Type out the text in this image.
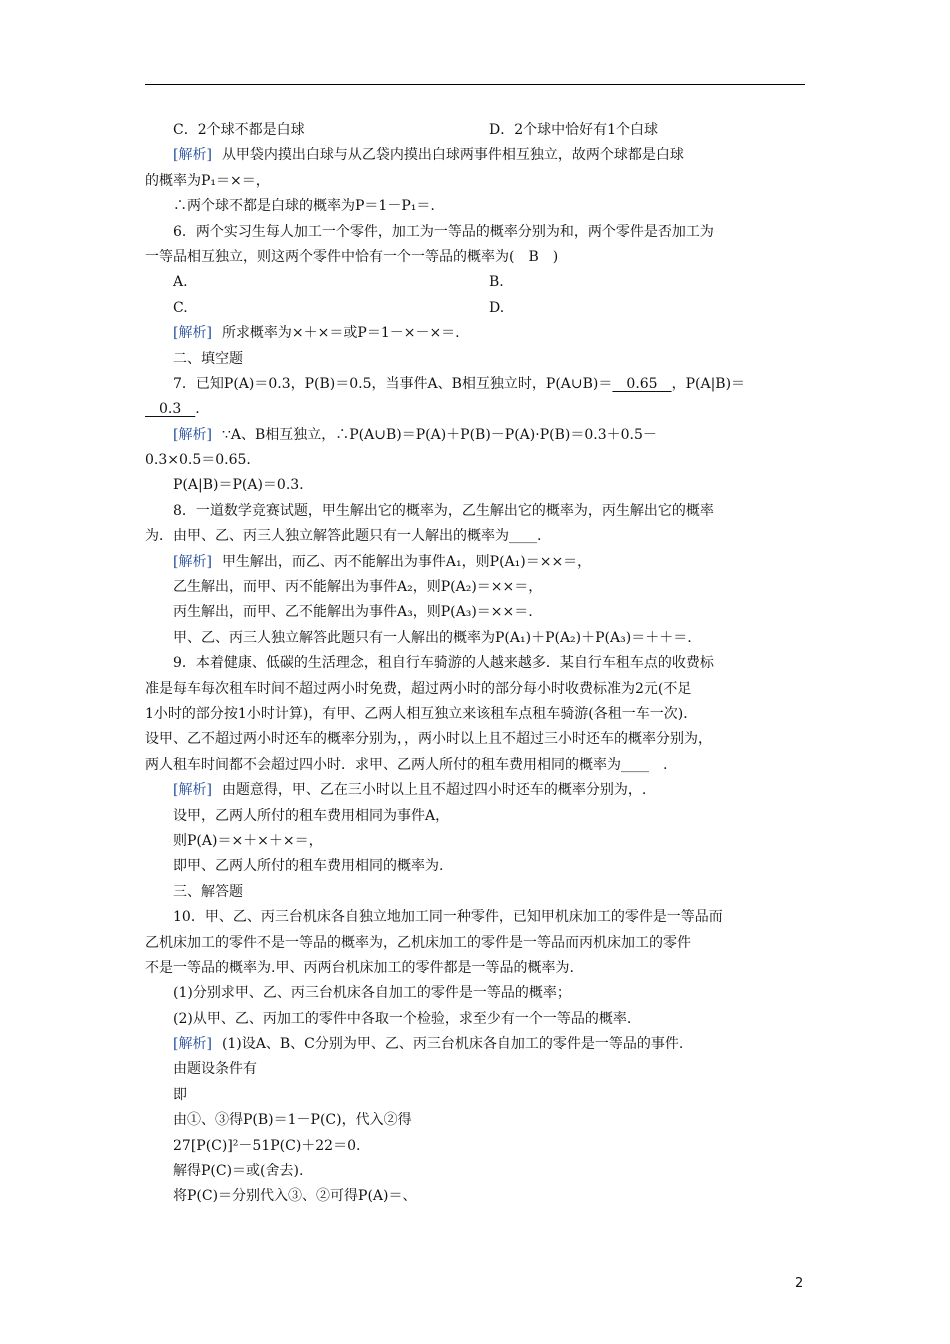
C．2个球不都是白球	D．2个球中恰好有1个白球
[解析] 从甲袋内摸出白球与从乙袋内摸出白球两事件相互独立，故两个球都是白球
的概率为P₁＝×＝，
∴两个球不都是白球的概率为P＝1－P₁＝.
6．两个实习生每人加工一个零件，加工为一等品的概率分别为和，两个零件是否加工为
一等品相互独立，则这两个零件中恰有一个一等品的概率为(　B　)
A.	B.
C.	D.
[解析] 所求概率为×＋×＝或P＝1－×－×＝.
二、填空题
7．已知P(A)＝0.3，P(B)＝0.5，当事件A、B相互独立时，P(A∪B)＝　0.65　，P(A|B)＝
　0.3　.
[解析] ∵A、B相互独立，∴P(A∪B)＝P(A)＋P(B)－P(A)·P(B)＝0.3＋0.5－
0.3×0.5＝0.65.
P(A|B)＝P(A)＝0.3.
8．一道数学竞赛试题，甲生解出它的概率为，乙生解出它的概率为，丙生解出它的概率
为．由甲、乙、丙三人独立解答此题只有一人解出的概率为____.
[解析] 甲生解出，而乙、丙不能解出为事件A₁，则P(A₁)＝××＝，
乙生解出，而甲、丙不能解出为事件A₂，则P(A₂)＝××＝，
丙生解出，而甲、乙不能解出为事件A₃，则P(A₃)＝××＝.
甲、乙、丙三人独立解答此题只有一人解出的概率为P(A₁)＋P(A₂)＋P(A₃)＝＋＋＝.
9．本着健康、低碳的生活理念，租自行车骑游的人越来越多．某自行车租车点的收费标
准是每车每次租车时间不超过两小时免费，超过两小时的部分每小时收费标准为2元(不足
1小时的部分按1小时计算)，有甲、乙两人相互独立来该租车点租车骑游(各租一车一次)．
设甲、乙不超过两小时还车的概率分别为，，两小时以上且不超过三小时还车的概率分别为，
两人租车时间都不会超过四小时．求甲、乙两人所付的租车费用相同的概率为____　.
[解析] 由题意得，甲、乙在三小时以上且不超过四小时还车的概率分别为，.
设甲，乙两人所付的租车费用相同为事件A，
则P(A)＝×＋×＋×＝，
即甲、乙两人所付的租车费用相同的概率为.
三、解答题
10．甲、乙、丙三台机床各自独立地加工同一种零件，已知甲机床加工的零件是一等品而
乙机床加工的零件不是一等品的概率为，乙机床加工的零件是一等品而丙机床加工的零件
不是一等品的概率为.甲、丙两台机床加工的零件都是一等品的概率为.
(1)分别求甲、乙、丙三台机床各自加工的零件是一等品的概率；
(2)从甲、乙、丙加工的零件中各取一个检验，求至少有一个一等品的概率.
[解析] (1)设A、B、C分别为甲、乙、丙三台机床各自加工的零件是一等品的事件.
由题设条件有
即
由①、③得P(B)＝1－P(C)，代入②得
27[P(C)]²－51P(C)＋22＝0.
解得P(C)＝或(舍去).
将P(C)＝分别代入③、②可得P(A)＝、
2
